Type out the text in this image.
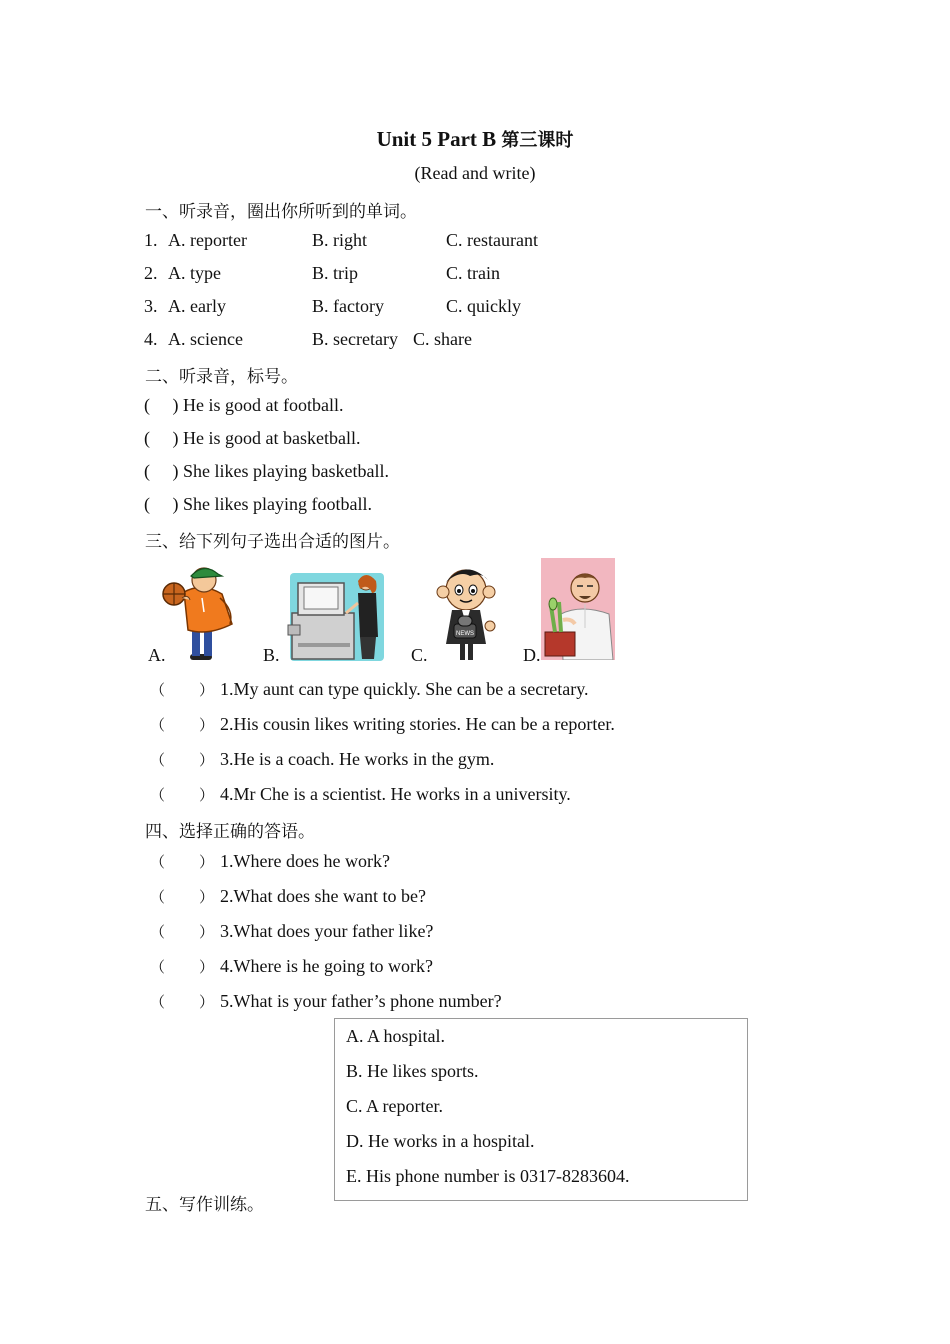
Unit 5 Part B 第三课时
(Read and write)
一、听录音，圈出你所听到的单词。
1. A. reporter	B. right	C. restaurant
2. A. type	B. trip	C. train
3. A. early	B. factory	C. quickly
4. A. science	B. secretary C. share
二、听录音，标号。
(     ) He is good at football.
(     ) He is good at basketball.
(     ) She likes playing basketball.
(     ) She likes playing football.
三、给下列句子选出合适的图片。
A.	B.	C.
NEWS
D.
（ ） 1.My aunt can type quickly. She can be a secretary.
（ ） 2.His cousin likes writing stories. He can be a reporter.
（ ） 3.He is a coach. He works in the gym.
（ ） 4.Mr Che is a scientist. He works in a university.
四、选择正确的答语。
（ ） 1.Where does he work?
（ ） 2.What does she want to be?
（ ） 3.What does your father like?
（ ） 4.Where is he going to work?
（ ） 5.What is your father’s phone number?
A. A hospital.
B. He likes sports.
C. A reporter.
D. He works in a hospital.
E. His phone number is 0317-8283604.
五、写作训练。
